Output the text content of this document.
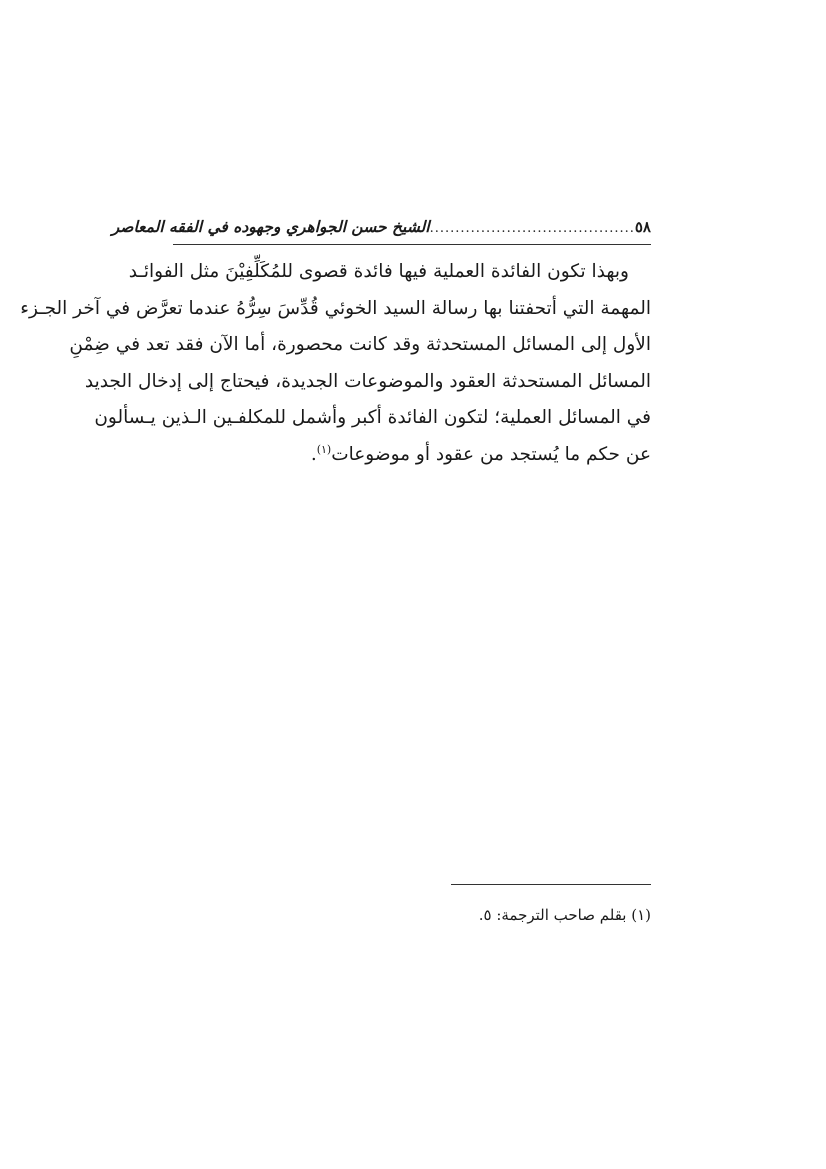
٥٨
........................................
الشيخ حسن الجواهري وجهوده في الفقه المعاصر

وبهذا تكون الفائدة العملية فيها فائدة قصوى للمُكَلِّفِيْنَ مثل الفوائـد
المهمة التي أتحفتنا بها رسالة السيد الخوئي قُدِّسَ سِرُّهُ عندما تعرَّض في آخر الجـزء
الأول إلى المسائل المستحدثة وقد كانت محصورة، أما الآن فقد تعد في ضِمْنِ
المسائل المستحدثة العقود والموضوعات الجديدة، فيحتاج إلى إدخال الجديد
في المسائل العملية؛ لتكون الفائدة أكبر وأشمل للمكلفـين الـذين يـسألون
عن حكم ما يُستجد من عقود أو موضوعات$^{(١)}$.

(١) بقلم صاحب الترجمة: ٥.
